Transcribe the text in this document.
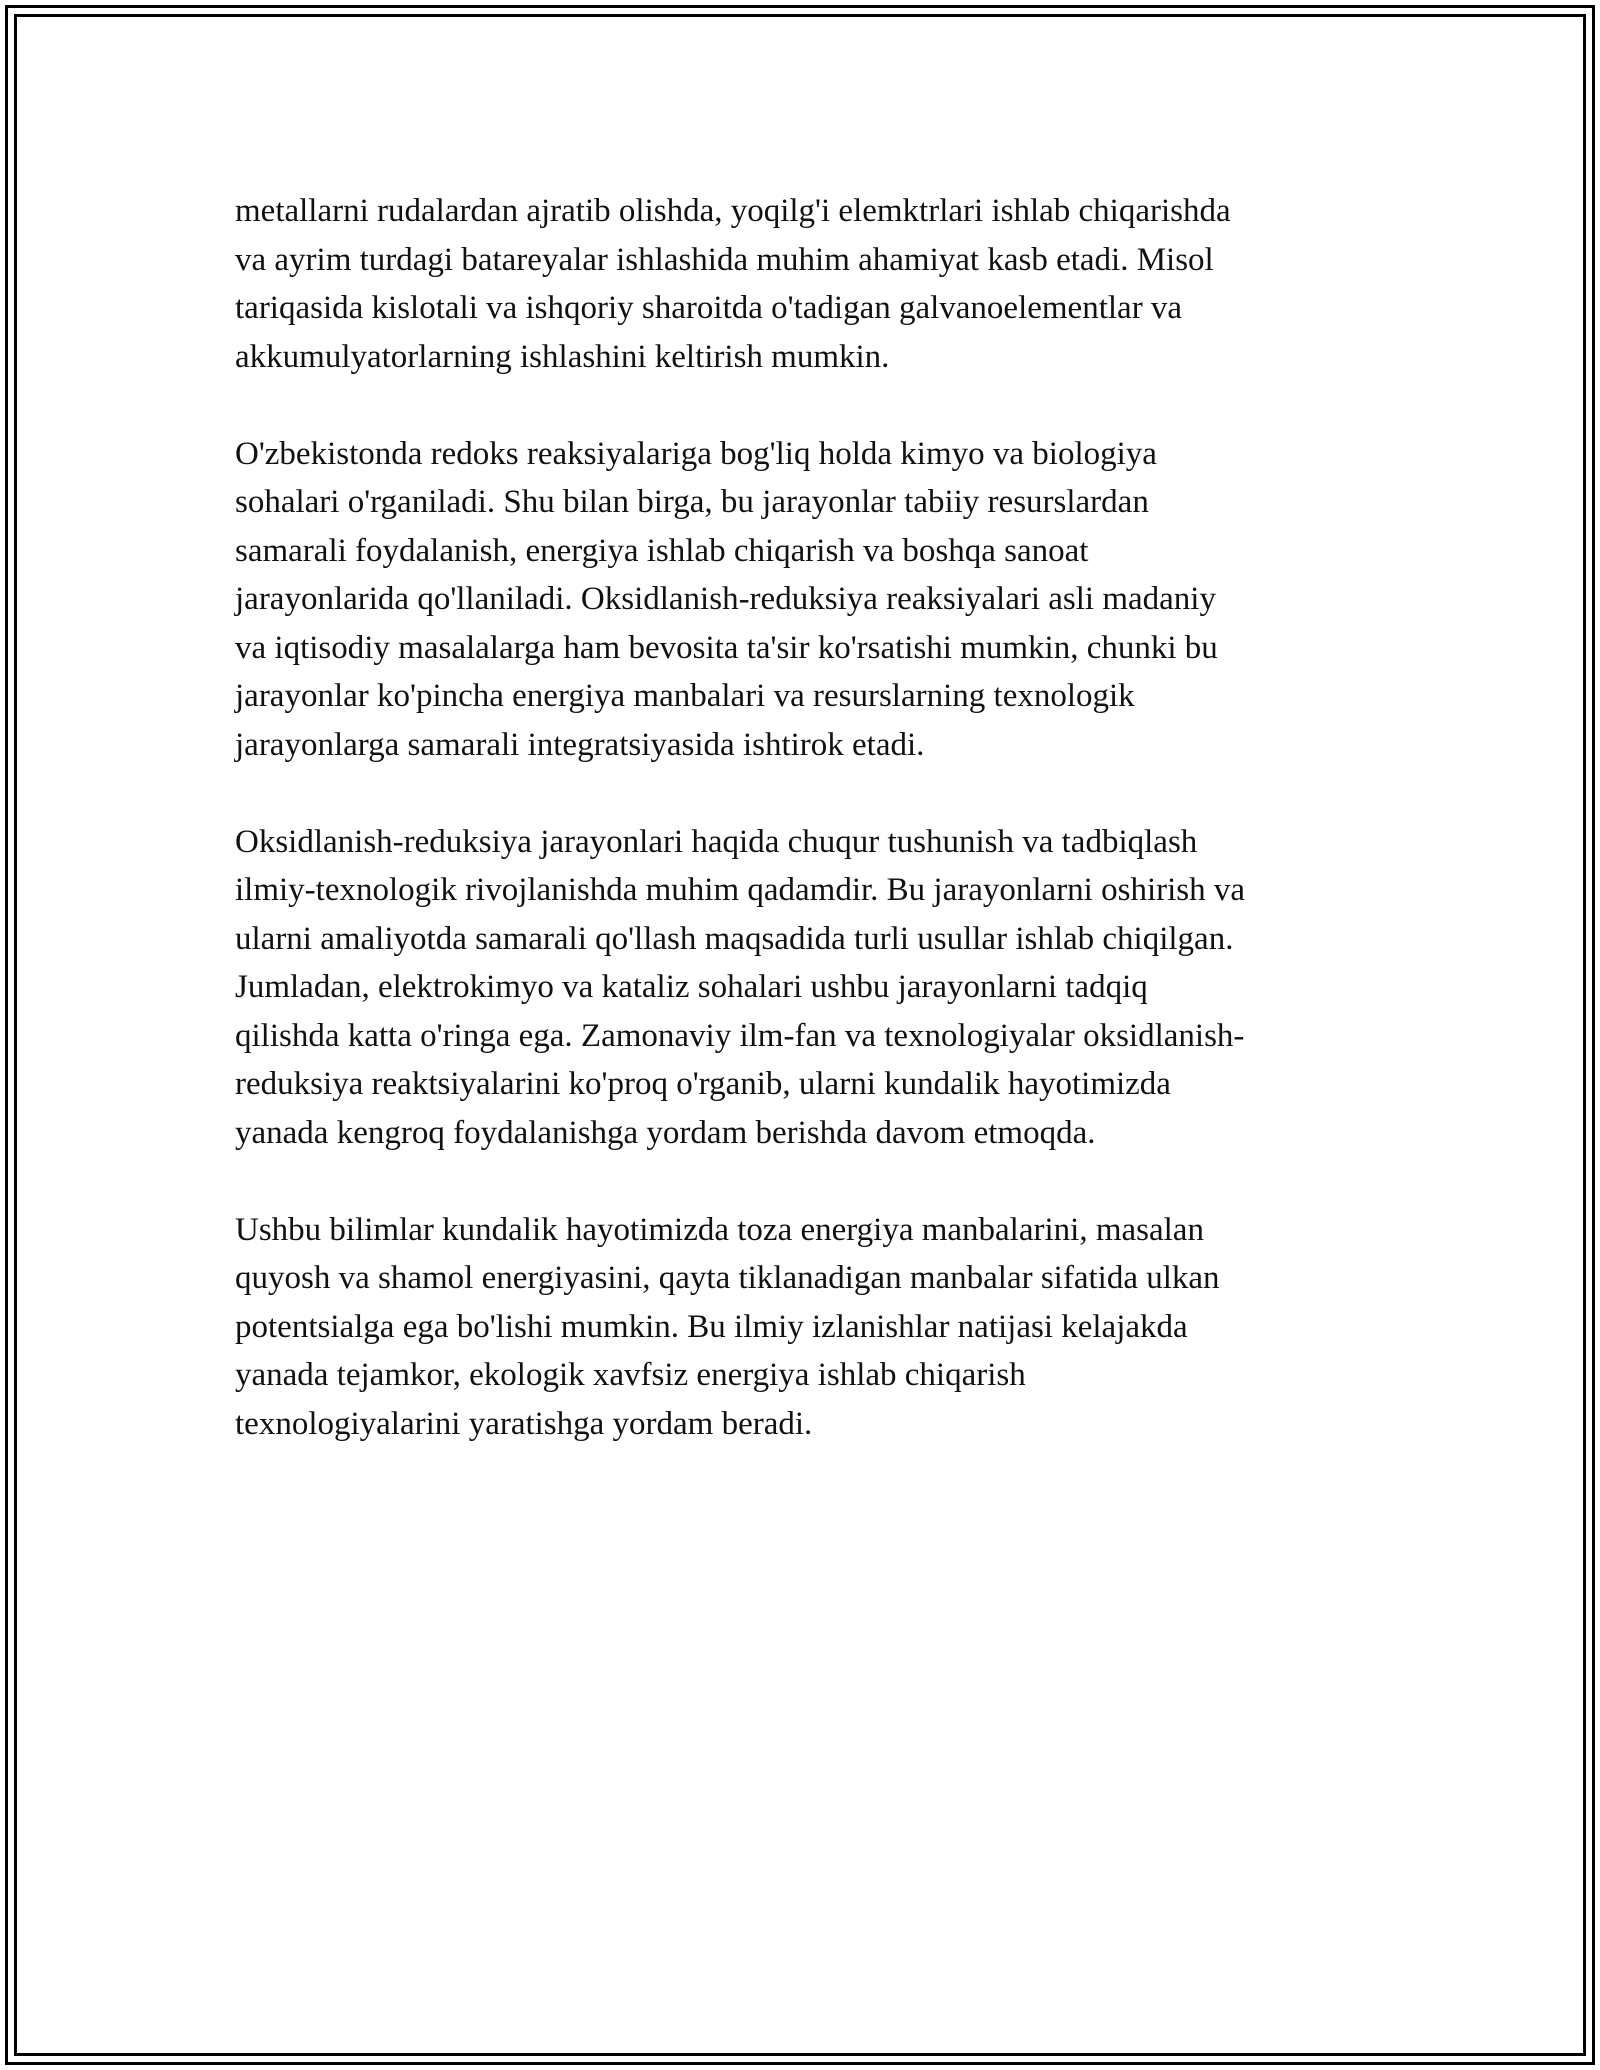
metallarni rudalardan ajratib olishda, yoqilg'i elemktrlari ishlab chiqarishda
va ayrim turdagi batareyalar ishlashida muhim ahamiyat kasb etadi. Misol
tariqasida kislotali va ishqoriy sharoitda o'tadigan galvanoelementlar va
akkumulyatorlarning ishlashini keltirish mumkin.

O'zbekistonda redoks reaksiyalariga bog'liq holda kimyo va biologiya
sohalari o'rganiladi. Shu bilan birga, bu jarayonlar tabiiy resurslardan
samarali foydalanish, energiya ishlab chiqarish va boshqa sanoat
jarayonlarida qo'llaniladi. Oksidlanish-reduksiya reaksiyalari asli madaniy
va iqtisodiy masalalarga ham bevosita ta'sir ko'rsatishi mumkin, chunki bu
jarayonlar ko'pincha energiya manbalari va resurslarning texnologik
jarayonlarga samarali integratsiyasida ishtirok etadi.

Oksidlanish-reduksiya jarayonlari haqida chuqur tushunish va tadbiqlash
ilmiy-texnologik rivojlanishda muhim qadamdir. Bu jarayonlarni oshirish va
ularni amaliyotda samarali qo'llash maqsadida turli usullar ishlab chiqilgan.
Jumladan, elektrokimyo va kataliz sohalari ushbu jarayonlarni tadqiq
qilishda katta o'ringa ega. Zamonaviy ilm-fan va texnologiyalar oksidlanish-
reduksiya reaktsiyalarini ko'proq o'rganib, ularni kundalik hayotimizda
yanada kengroq foydalanishga yordam berishda davom etmoqda.

Ushbu bilimlar kundalik hayotimizda toza energiya manbalarini, masalan
quyosh va shamol energiyasini, qayta tiklanadigan manbalar sifatida ulkan
potentsialga ega bo'lishi mumkin. Bu ilmiy izlanishlar natijasi kelajakda
yanada tejamkor, ekologik xavfsiz energiya ishlab chiqarish
texnologiyalarini yaratishga yordam beradi.
